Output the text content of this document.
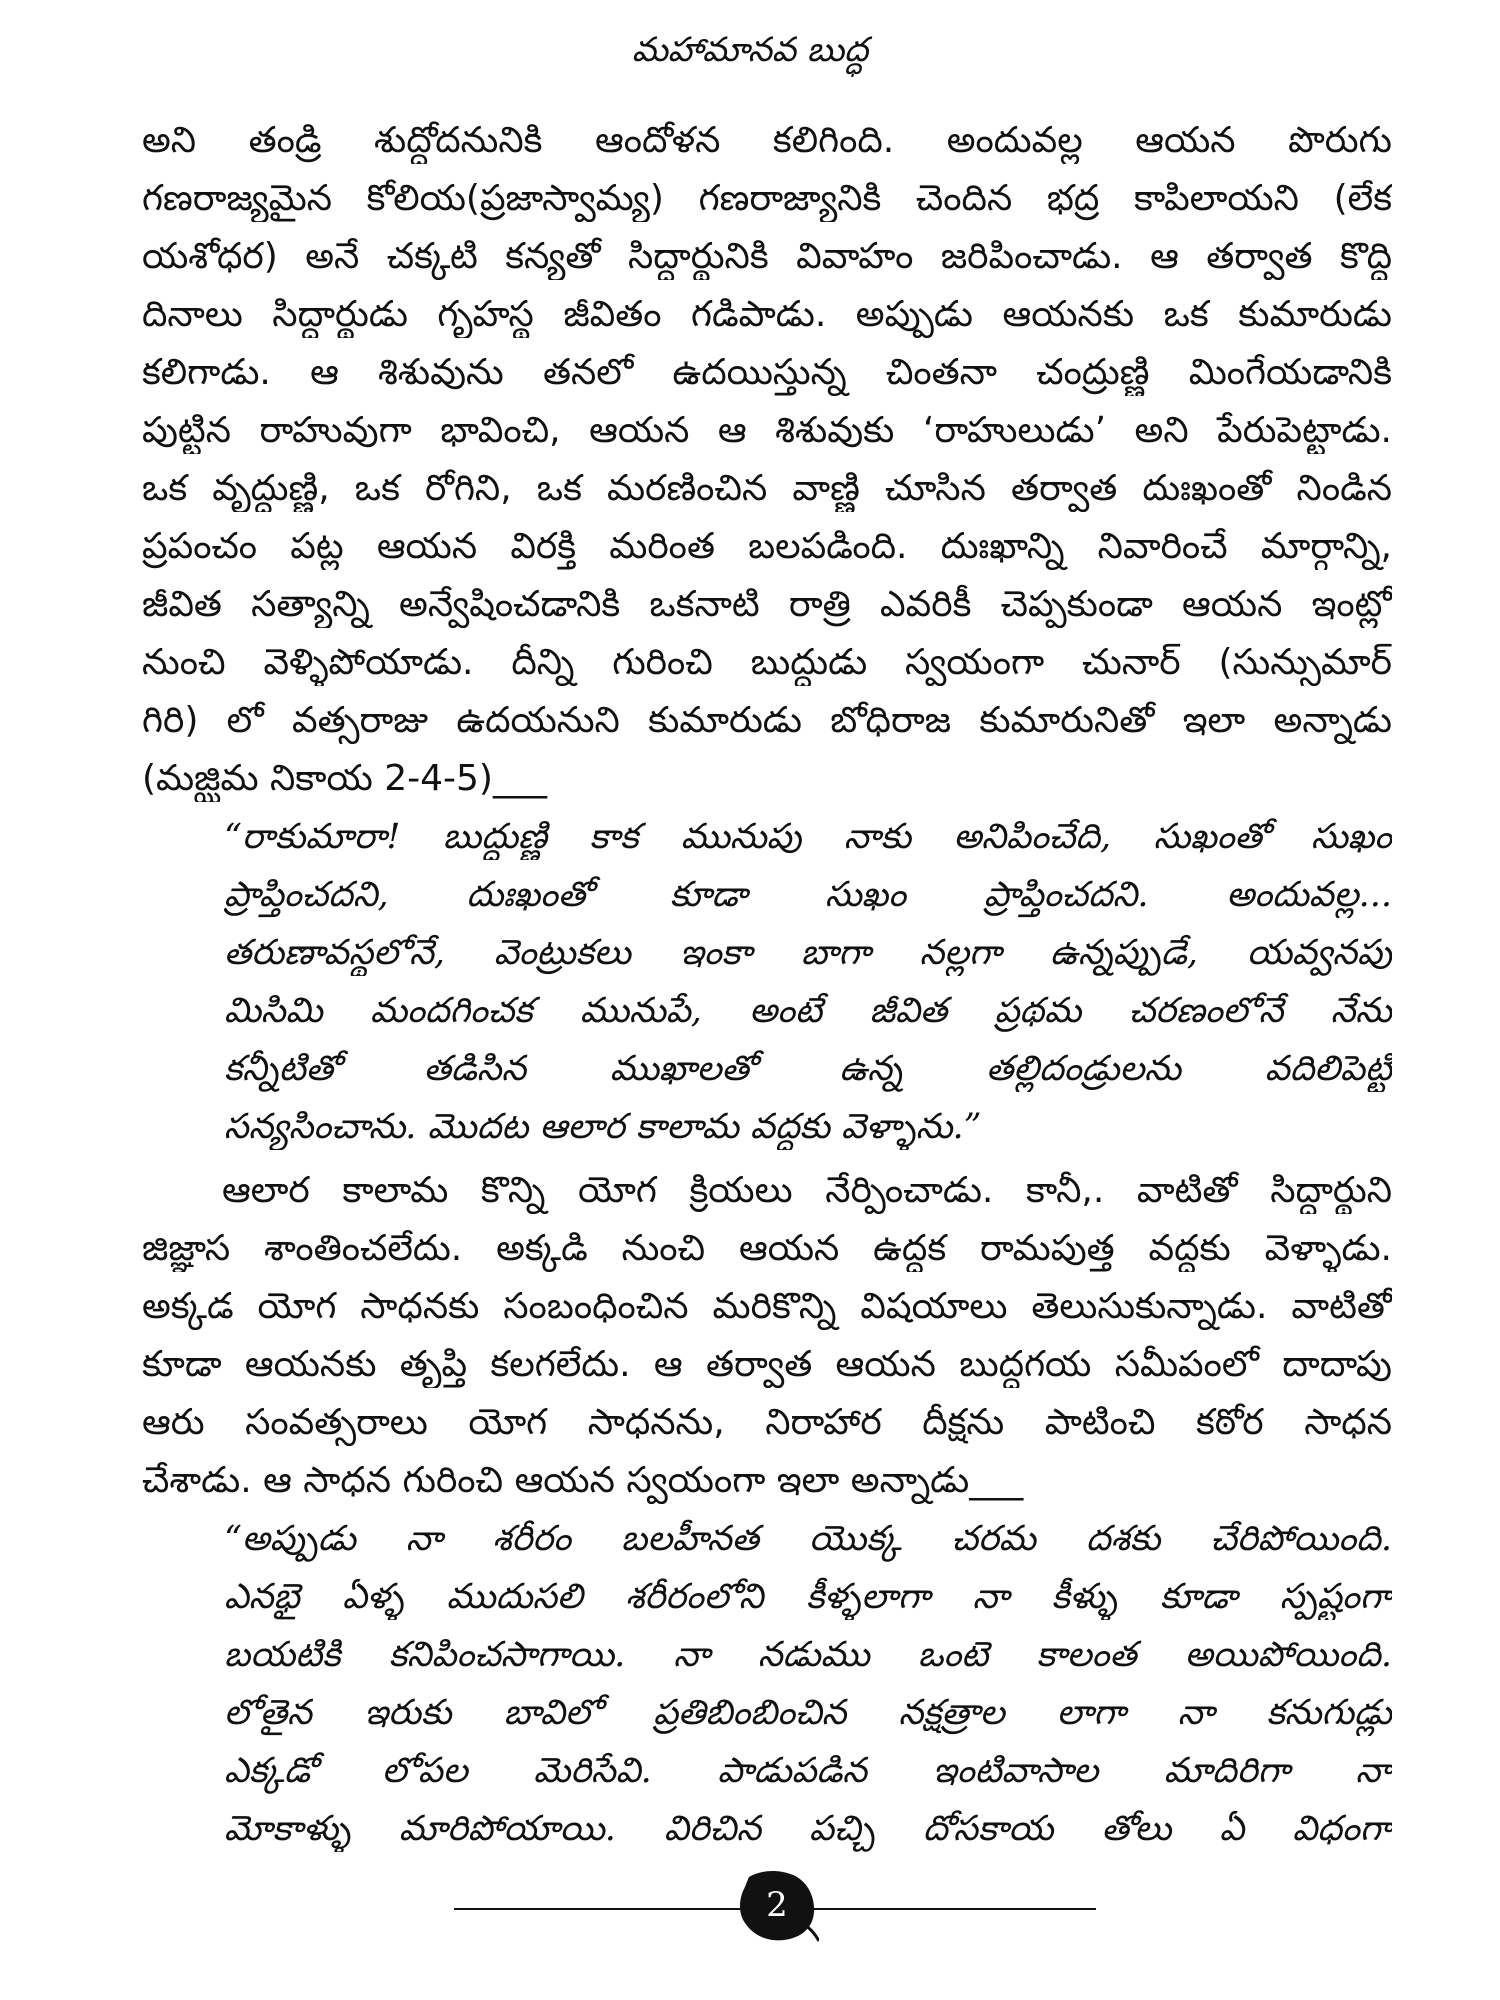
మహామానవ బుద్ధ
అని తండ్రి శుద్ధోదనునికి ఆందోళన కలిగింది. అందువల్ల ఆయన పొరుగు
గణరాజ్యమైన కోలియ(ప్రజాస్వామ్య) గణరాజ్యానికి చెందిన భద్ర కాపిలాయని (లేక
యశోధర) అనే చక్కటి కన్యతో సిద్ధార్థునికి వివాహం జరిపించాడు. ఆ తర్వాత కొద్ది
దినాలు సిద్ధార్థుడు గృహస్థ జీవితం గడిపాడు. అప్పుడు ఆయనకు ఒక కుమారుడు
కలిగాడు. ఆ శిశువును తనలో ఉదయిస్తున్న చింతనా చంద్రుణ్ణి మింగేయడానికి
పుట్టిన రాహువుగా భావించి, ఆయన ఆ శిశువుకు ‘రాహులుడు’ అని పేరుపెట్టాడు.
ఒక వృద్ధుణ్ణి, ఒక రోగిని, ఒక మరణించిన వాణ్ణి చూసిన తర్వాత దుఃఖంతో నిండిన
ప్రపంచం పట్ల ఆయన విరక్తి మరింత బలపడింది. దుఃఖాన్ని నివారించే మార్గాన్ని,
జీవిత సత్యాన్ని అన్వేషించడానికి ఒకనాటి రాత్రి ఎవరికీ చెప్పకుండా ఆయన ఇంట్లో
నుంచి వెళ్ళిపోయాడు. దీన్ని గురించి బుద్ధుడు స్వయంగా చునార్ (సున్సుమార్
గిరి) లో వత్సరాజు ఉదయనుని కుమారుడు బోధిరాజ కుమారునితో ఇలా అన్నాడు
(మజ్ఝిమ నికాయ 2-4-5)___
“రాకుమారా! బుద్ధుణ్ణి కాక మునుపు నాకు అనిపించేది, సుఖంతో సుఖం
ప్రాప్తించదని, దుఃఖంతో కూడా సుఖం ప్రాప్తించదని. అందువల్ల...
తరుణావస్థలోనే, వెంట్రుకలు ఇంకా బాగా నల్లగా ఉన్నప్పుడే, యవ్వనపు
మిసిమి మందగించక మునుపే, అంటే జీవిత ప్రథమ చరణంలోనే నేను
కన్నీటితో తడిసిన ముఖాలతో ఉన్న తల్లిదండ్రులను వదిలిపెట్టి
సన్యసించాను. మొదట ఆలార కాలామ వద్దకు వెళ్ళాను.”
ఆలార కాలామ కొన్ని యోగ క్రియలు నేర్పించాడు. కానీ,. వాటితో సిద్ధార్థుని
జిజ్ఞాస శాంతించలేదు. అక్కడి నుంచి ఆయన ఉద్దక రామపుత్త వద్దకు వెళ్ళాడు.
అక్కడ యోగ సాధనకు సంబంధించిన మరికొన్ని విషయాలు తెలుసుకున్నాడు. వాటితో
కూడా ఆయనకు తృప్తి కలగలేదు. ఆ తర్వాత ఆయన బుద్ధగయ సమీపంలో దాదాపు
ఆరు సంవత్సరాలు యోగ సాధనను, నిరాహార దీక్షను పాటించి కఠోర సాధన
చేశాడు. ఆ సాధన గురించి ఆయన స్వయంగా ఇలా అన్నాడు___
“అప్పుడు నా శరీరం బలహీనత యొక్క చరమ దశకు చేరిపోయింది.
ఎనభై ఏళ్ళ ముదుసలి శరీరంలోని కీళ్ళలాగా నా కీళ్ళు కూడా స్పష్టంగా
బయటికి కనిపించసాగాయి. నా నడుము ఒంటె కాలంత అయిపోయింది.
లోతైన ఇరుకు బావిలో ప్రతిబింబించిన నక్షత్రాల లాగా నా కనుగుడ్లు
ఎక్కడో లోపల మెరిసేవి. పాడుపడిన ఇంటివాసాల మాదిరిగా నా
మోకాళ్ళు మారిపోయాయి. విరిచిన పచ్చి దోసకాయ తోలు ఏ విధంగా
2
